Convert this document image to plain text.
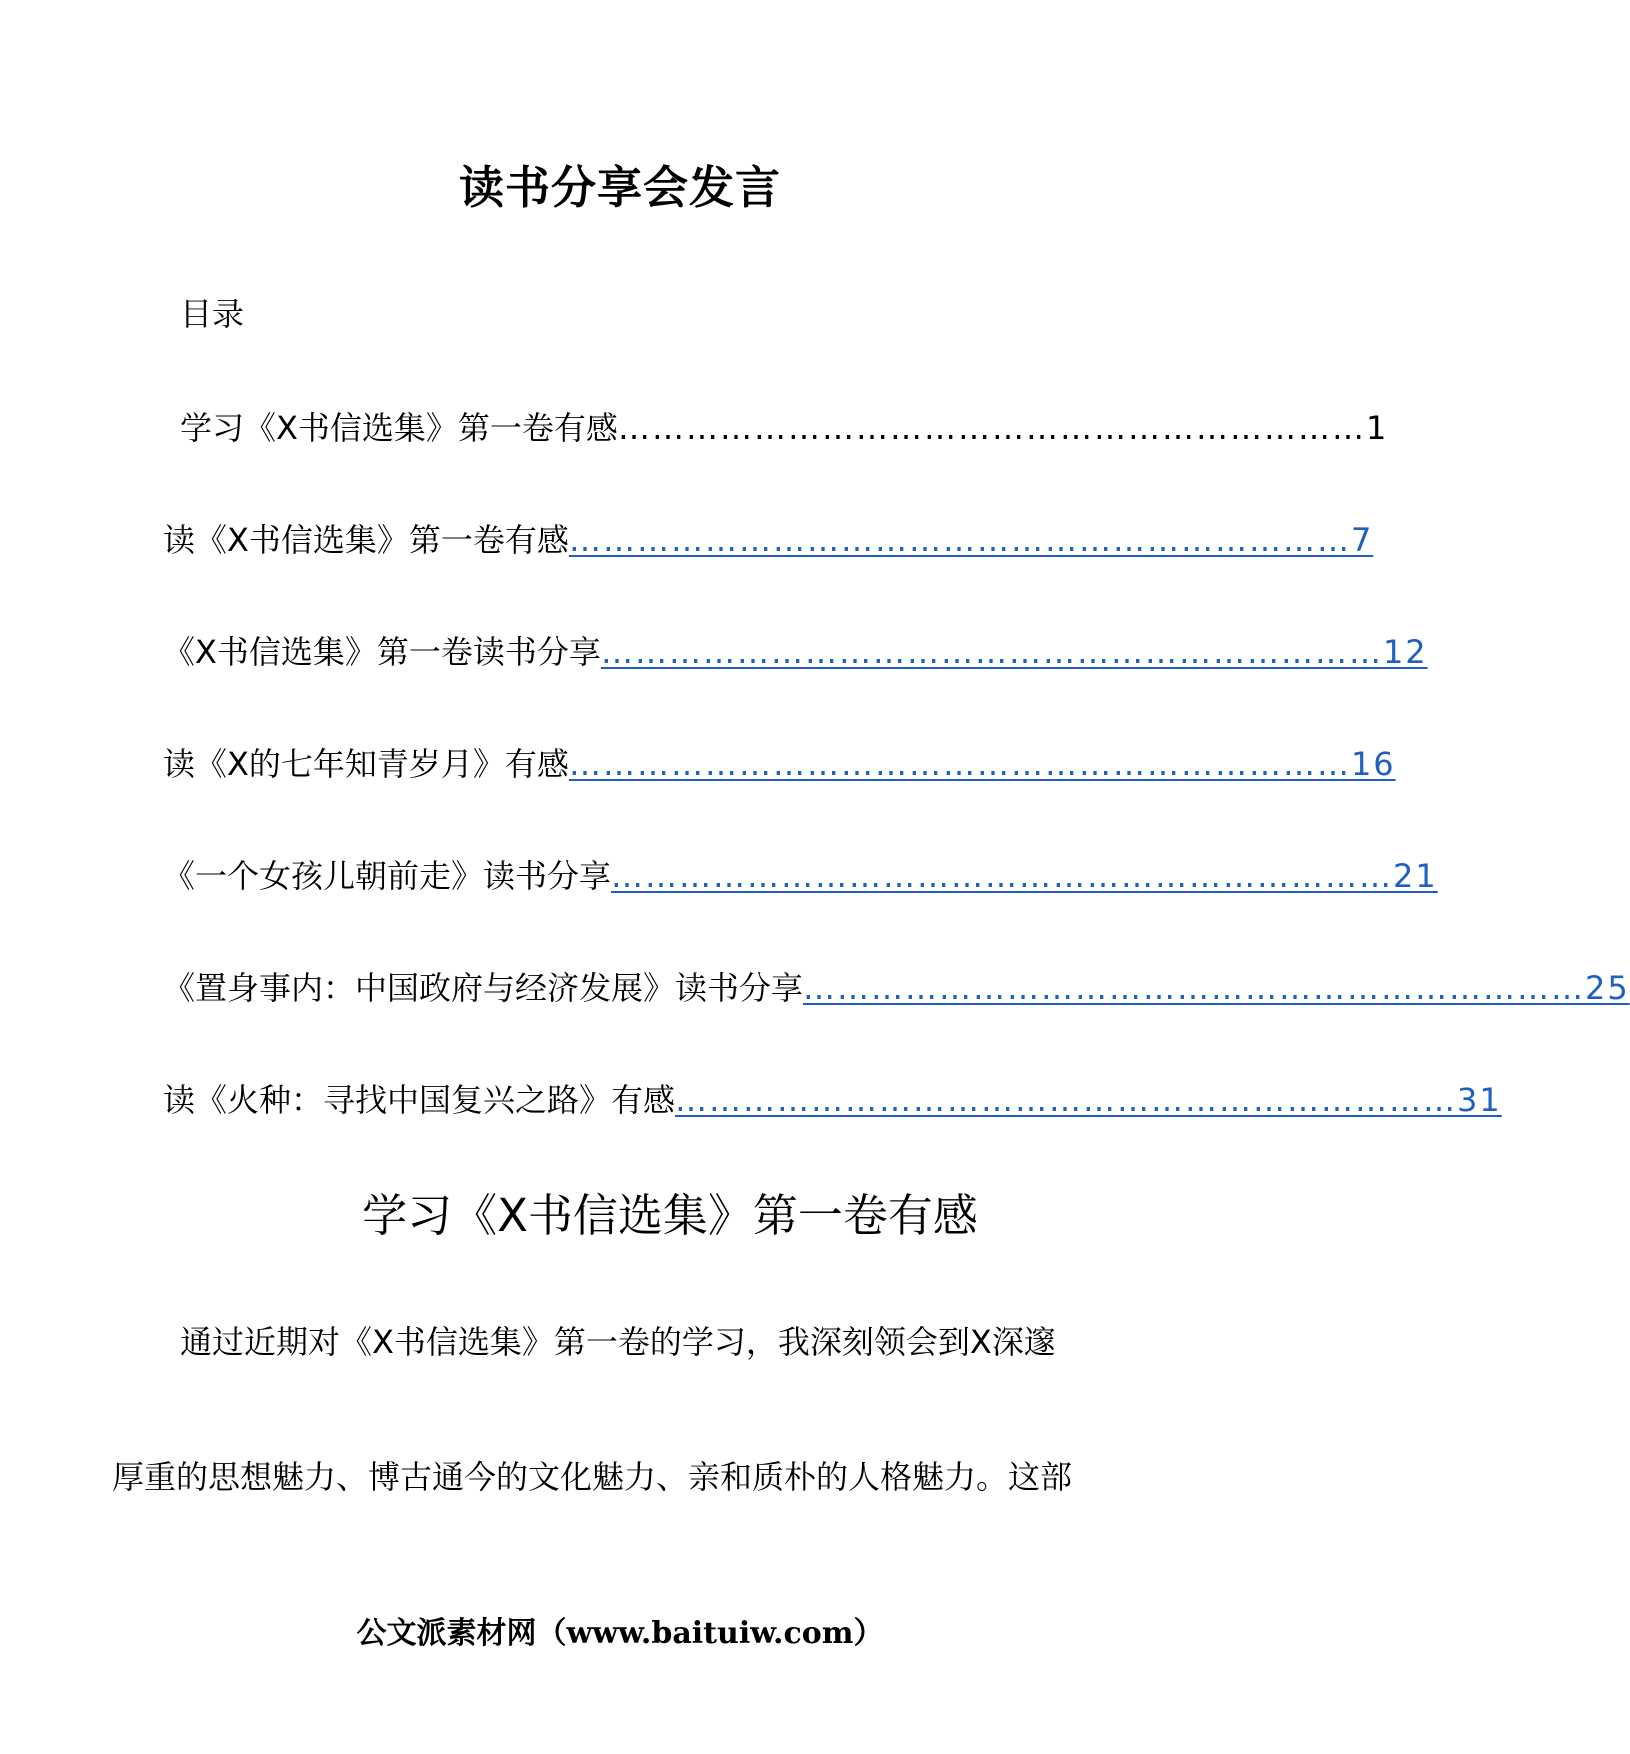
读书分享会发言
目录
学习《X书信选集》第一卷有感 ………………………………………………………… 1
读《X书信选集》第一卷有感 …………………………………………………………… 7
《X书信选集》第一卷读书分享 …………………………………………………………… 12
读《X的七年知青岁月》有感 …………………………………………………………… 16
《一个女孩儿朝前走》读书分享 …………………………………………………………… 21
《置身事内：中国政府与经济发展》读书分享 …………………………………………………………… 25
读《火种：寻找中国复兴之路》有感 …………………………………………………………… 31
学习《X书信选集》第一卷有感
通过近期对《X书信选集》第一卷的学习，我深刻领会到X深邃
厚重的思想魅力、博古通今的文化魅力、亲和质朴的人格魅力。这部
公文派素材网（www.baituiw.com）
